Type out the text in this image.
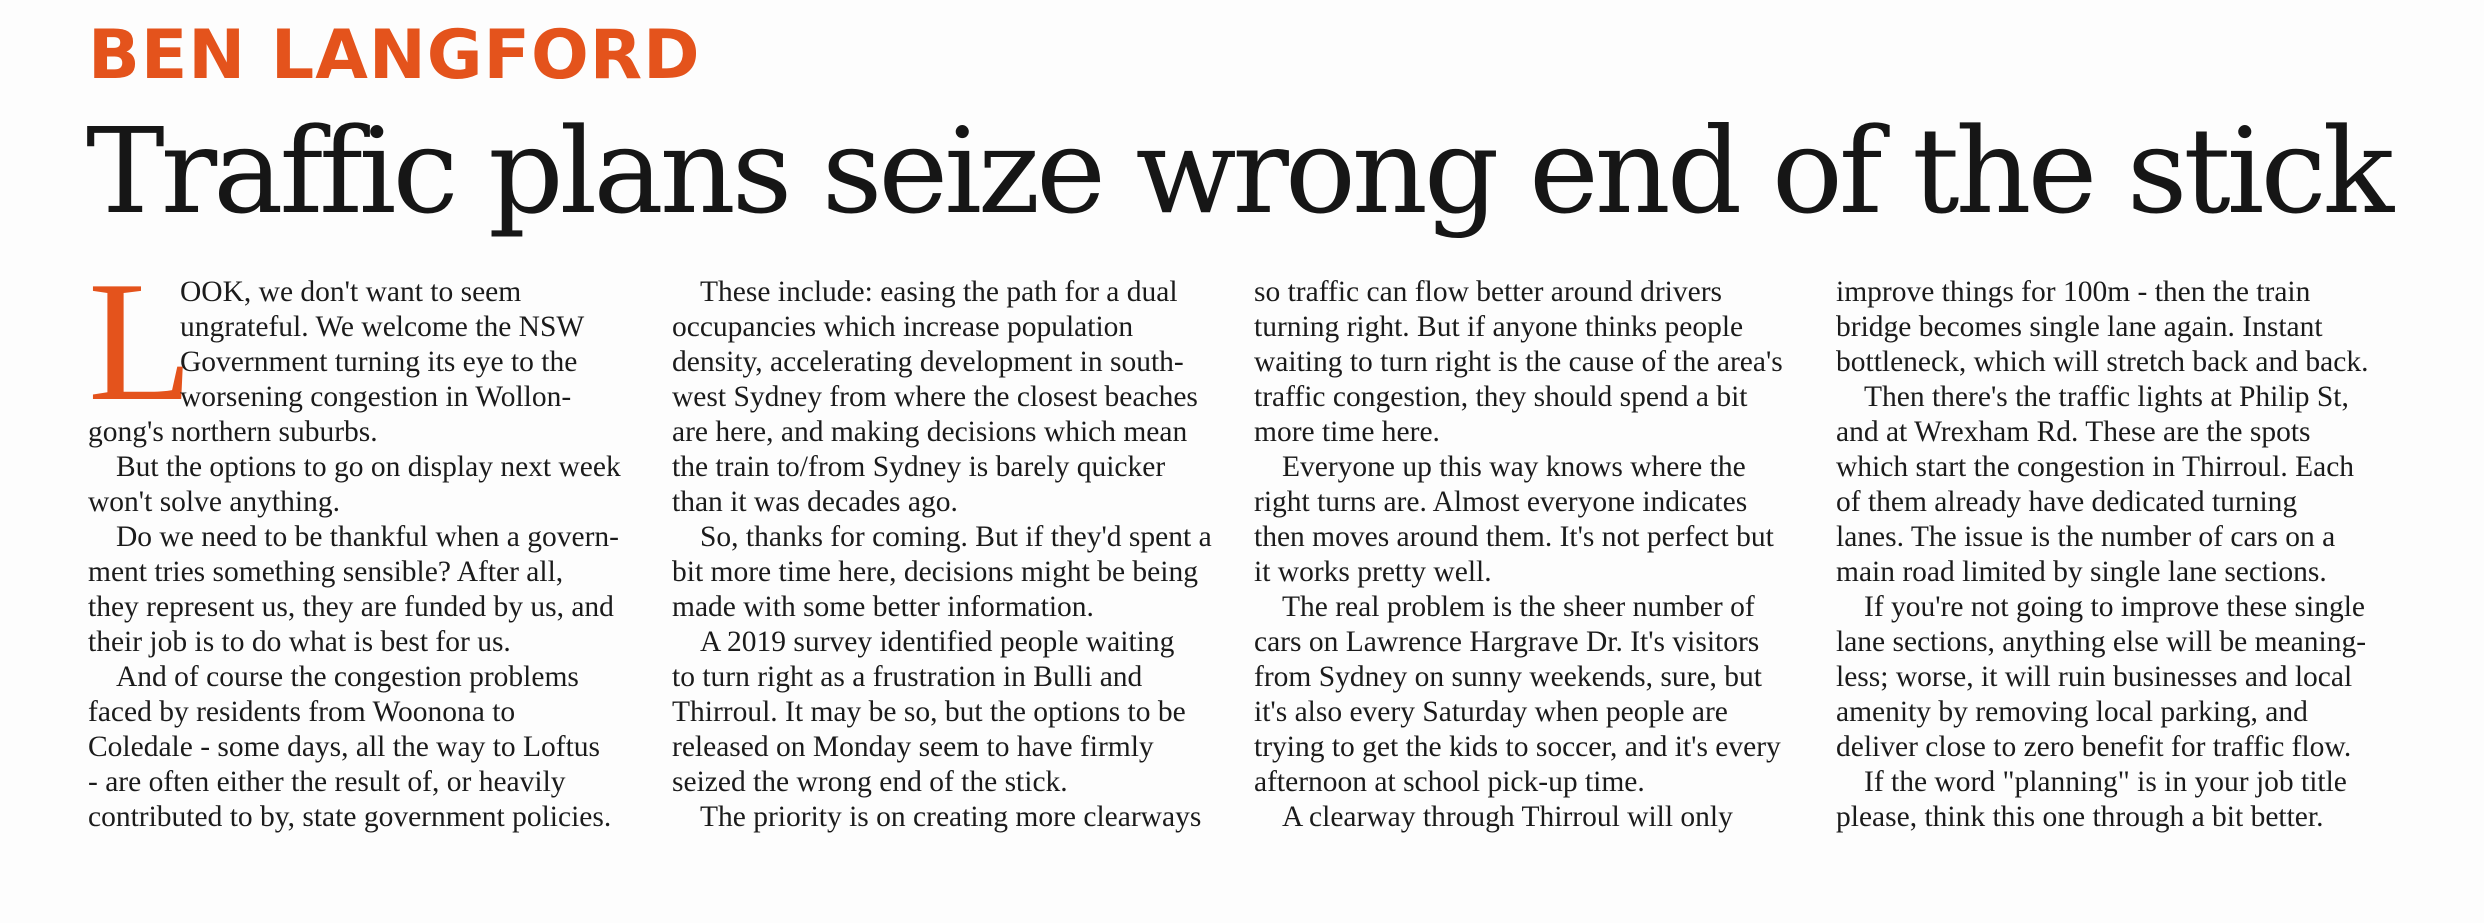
BEN LANGFORD
Traffic plans seize wrong end of the stick
L
OOK, we don't want to seem
ungrateful. We welcome the NSW
Government turning its eye to the
worsening congestion in Wollon-
gong's northern suburbs.
But the options to go on display next week
won't solve anything.
Do we need to be thankful when a govern-
ment tries something sensible? After all,
they represent us, they are funded by us, and
their job is to do what is best for us.
And of course the congestion problems
faced by residents from Woonona to
Coledale - some days, all the way to Loftus
- are often either the result of, or heavily
contributed to by, state government policies.
These include: easing the path for a dual
occupancies which increase population
density, accelerating development in south-
west Sydney from where the closest beaches
are here, and making decisions which mean
the train to/from Sydney is barely quicker
than it was decades ago.
So, thanks for coming. But if they'd spent a
bit more time here, decisions might be being
made with some better information.
A 2019 survey identified people waiting
to turn right as a frustration in Bulli and
Thirroul. It may be so, but the options to be
released on Monday seem to have firmly
seized the wrong end of the stick.
The priority is on creating more clearways
so traffic can flow better around drivers
turning right. But if anyone thinks people
waiting to turn right is the cause of the area's
traffic congestion, they should spend a bit
more time here.
Everyone up this way knows where the
right turns are. Almost everyone indicates
then moves around them. It's not perfect but
it works pretty well.
The real problem is the sheer number of
cars on Lawrence Hargrave Dr. It's visitors
from Sydney on sunny weekends, sure, but
it's also every Saturday when people are
trying to get the kids to soccer, and it's every
afternoon at school pick-up time.
A clearway through Thirroul will only
improve things for 100m - then the train
bridge becomes single lane again. Instant
bottleneck, which will stretch back and back.
Then there's the traffic lights at Philip St,
and at Wrexham Rd. These are the spots
which start the congestion in Thirroul. Each
of them already have dedicated turning
lanes. The issue is the number of cars on a
main road limited by single lane sections.
If you're not going to improve these single
lane sections, anything else will be meaning-
less; worse, it will ruin businesses and local
amenity by removing local parking, and
deliver close to zero benefit for traffic flow.
If the word "planning" is in your job title
please, think this one through a bit better.
